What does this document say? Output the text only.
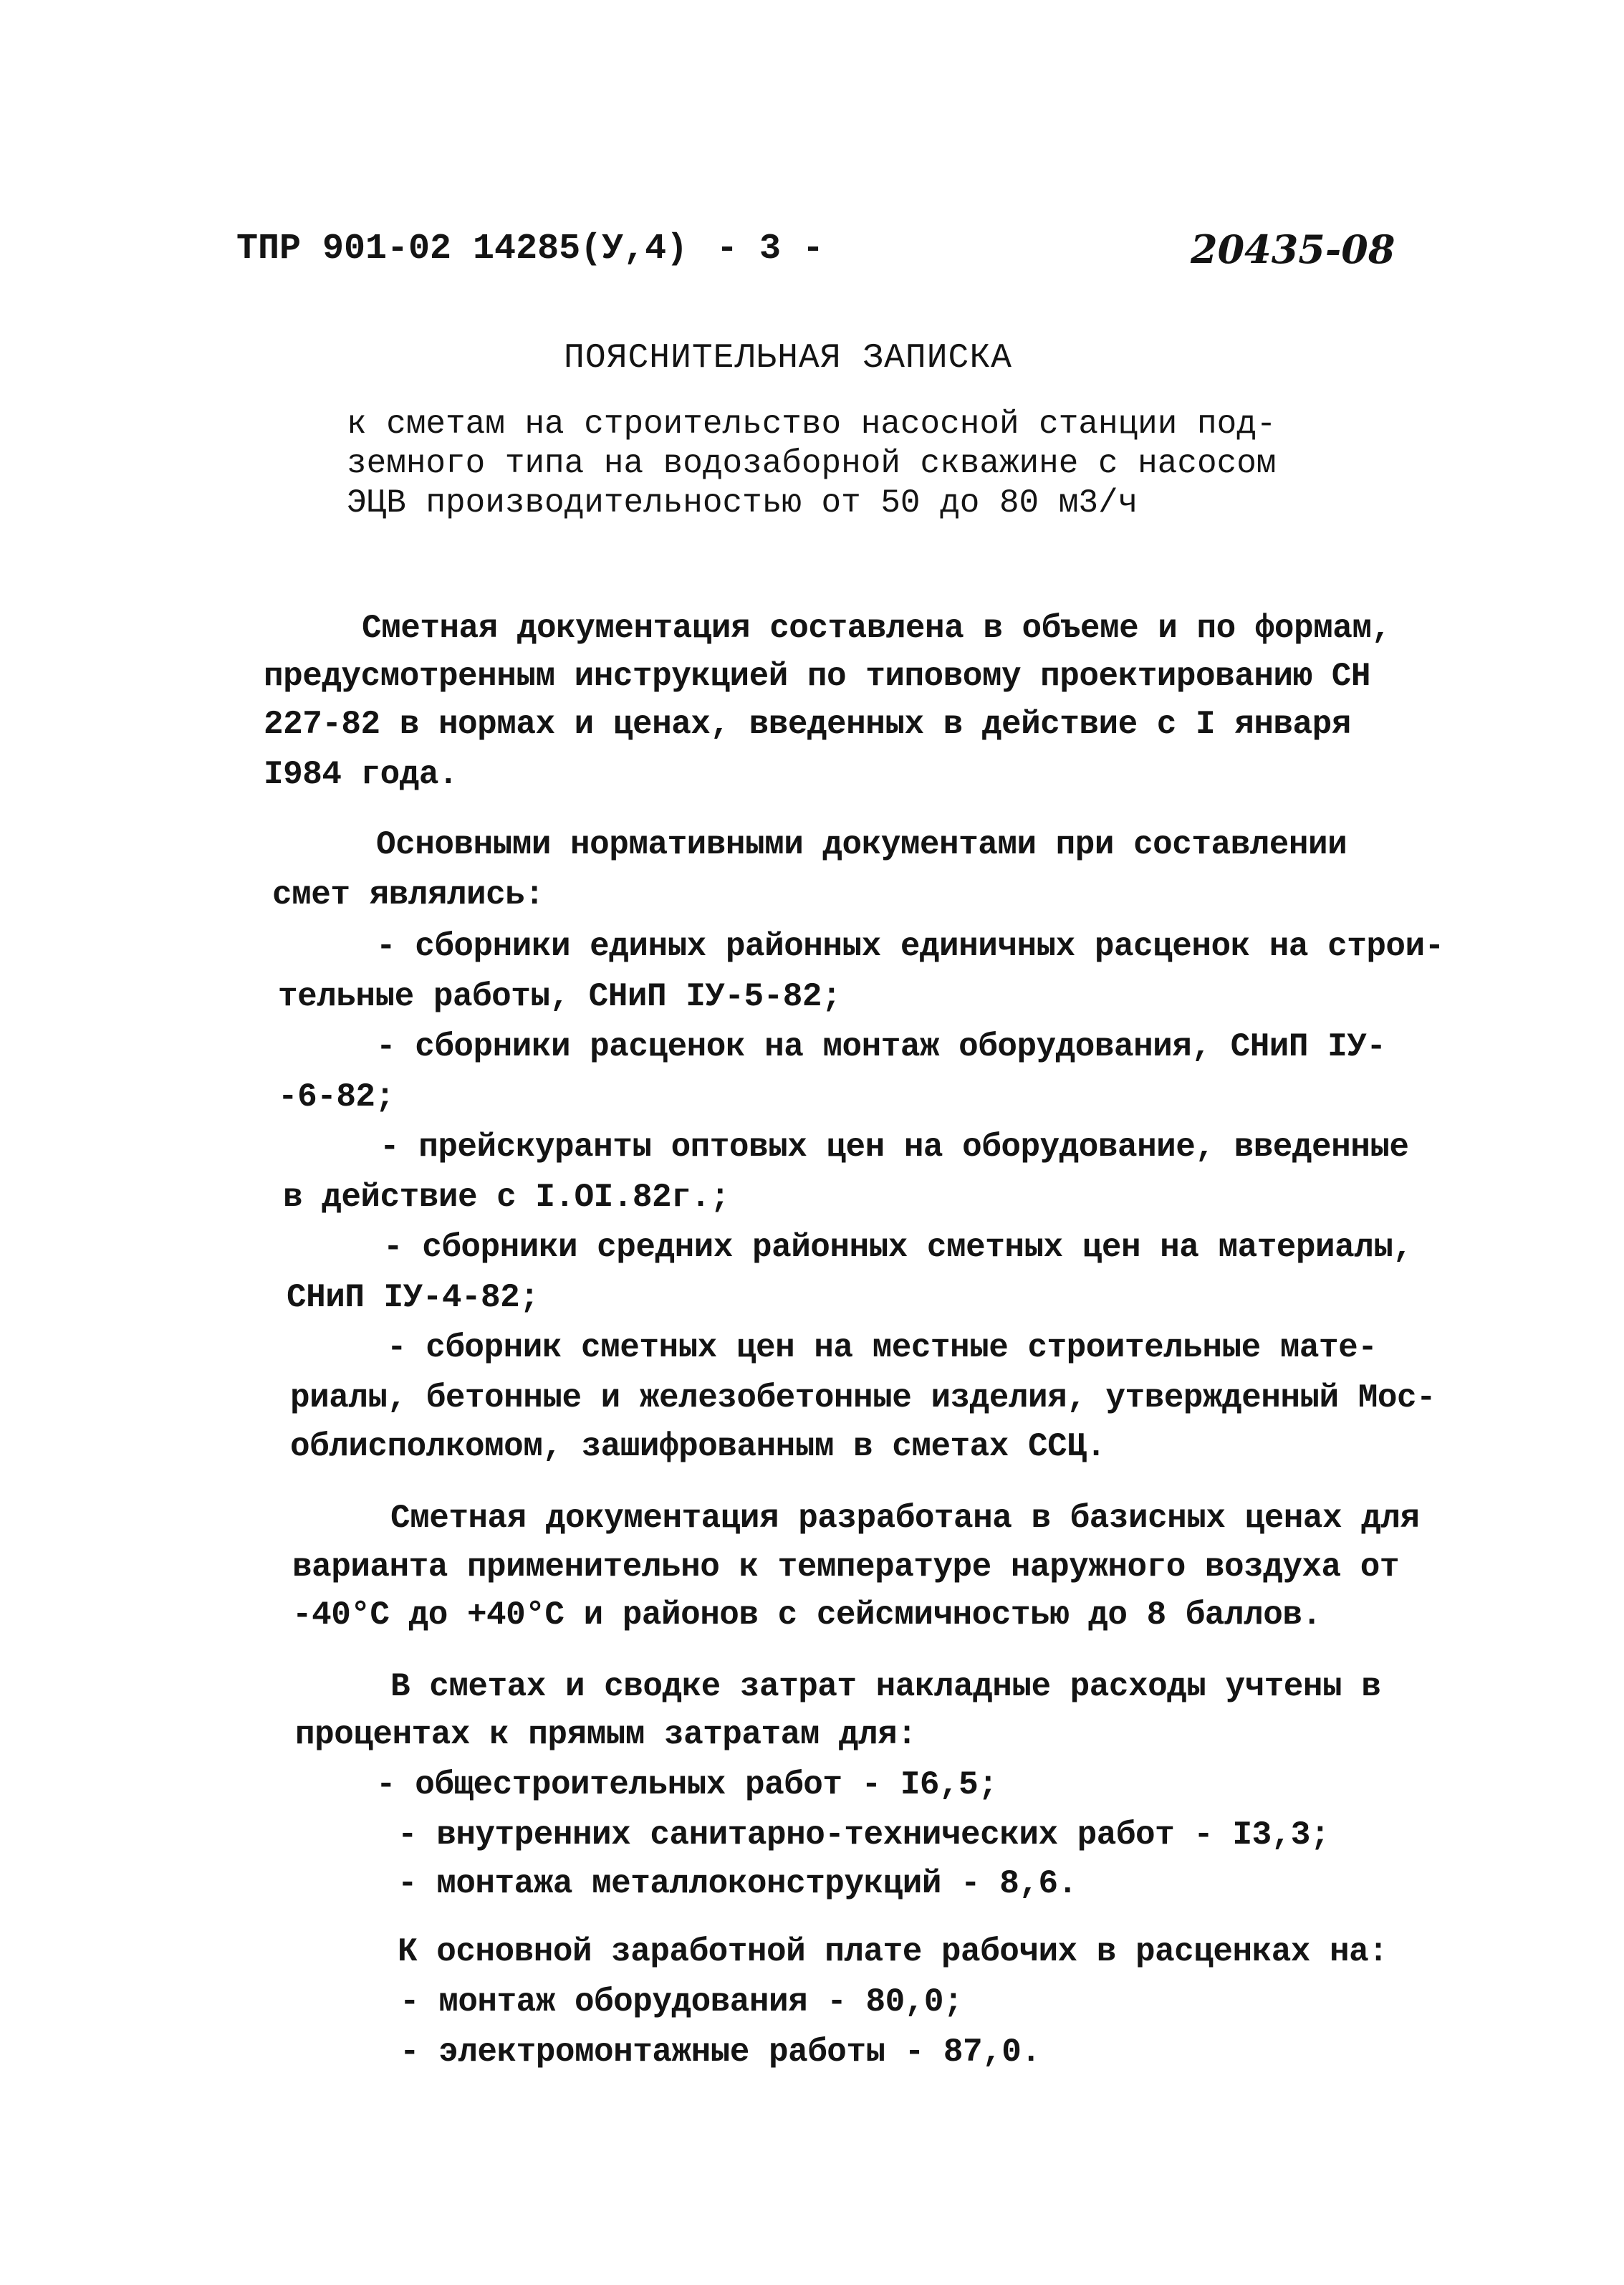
ТПР 901-02 14285(У,4) - 3 -	20435-08
ПОЯСНИТЕЛЬНАЯ ЗАПИСКА
к сметам на строительство насосной станции под-
земного типа на водозаборной скважине с насосом
ЭЦВ производительностью от 50 до 80 м3/ч
Сметная документация составлена в объеме и по формам,
предусмотренным инструкцией по типовому проектированию СН
227-82 в нормах и ценах, введенных в действие с I января
I984 года.
Основными нормативными документами при составлении
смет являлись:
- сборники единых районных единичных расценок на строи-
тельные работы, СНиП IУ-5-82;
- сборники расценок на монтаж оборудования, СНиП IУ-
-6-82;
- прейскуранты оптовых цен на оборудование, введенные
в действие с I.OI.82г.;
- сборники средних районных сметных цен на материалы,
СНиП IУ-4-82;
- сборник сметных цен на местные строительные мате-
риалы, бетонные и железобетонные изделия, утвержденный Мос-
облисполкомом, зашифрованным в сметах ССЦ.
Сметная документация разработана в базисных ценах для
варианта применительно к температуре наружного воздуха от
-40°С до +40°С и районов с сейсмичностью до 8 баллов.
В сметах и сводке затрат накладные расходы учтены в
процентах к прямым затратам для:
- общестроительных работ - I6,5;
- внутренних санитарно-технических работ - I3,3;
- монтажа металлоконструкций - 8,6.
К основной заработной плате рабочих в расценках на:
- монтаж оборудования - 80,0;
- электромонтажные работы - 87,0.
